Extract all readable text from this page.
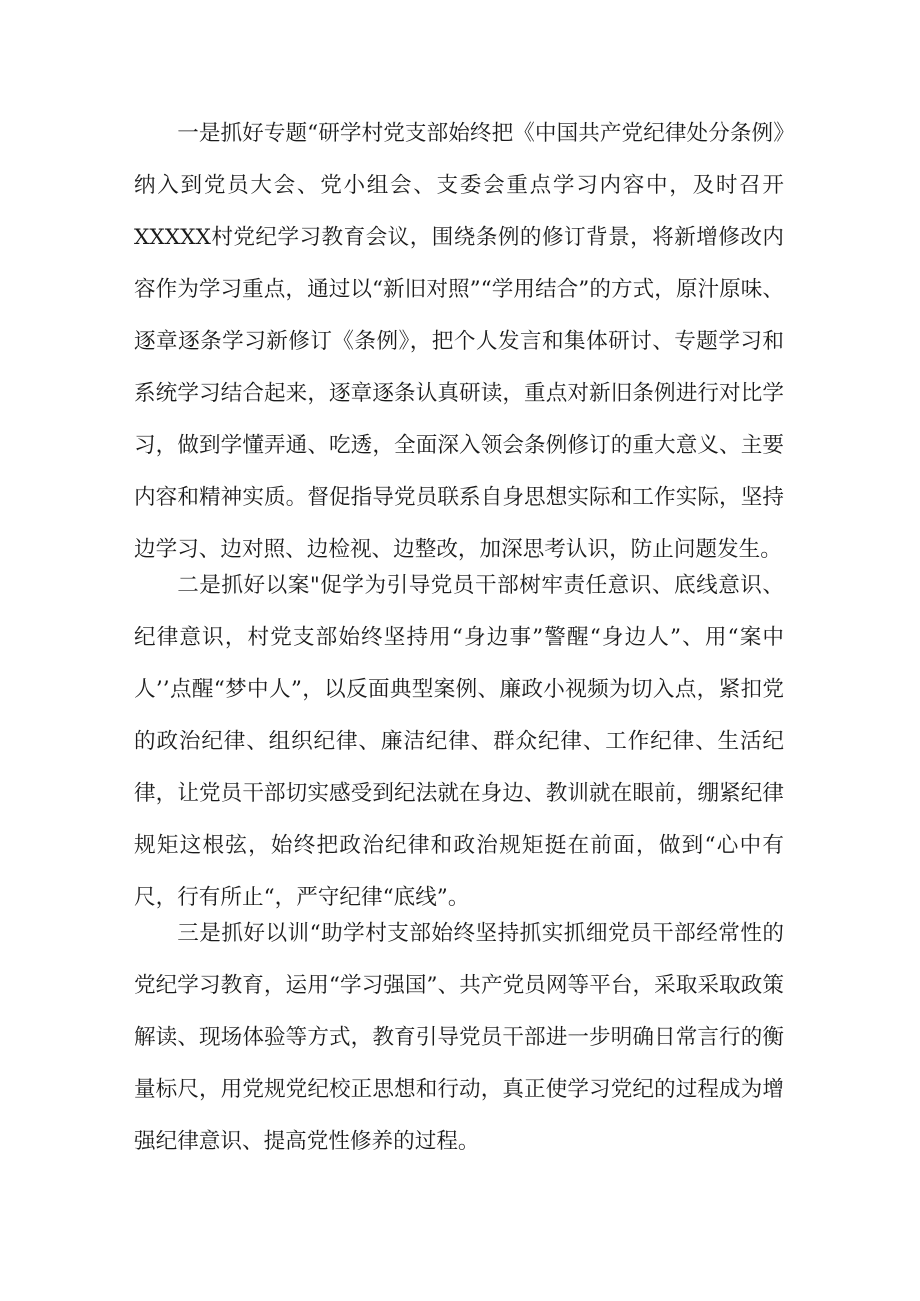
一是抓好专题“研学村党支部始终把《中国共产党纪律处分条例》纳入到党员大会、党小组会、支委会重点学习内容中，及时召开XXXXX村党纪学习教育会议，围绕条例的修订背景，将新增修改内容作为学习重点，通过以“新旧对照”“学用结合”的方式，原汁原味、逐章逐条学习新修订《条例》，把个人发言和集体研讨、专题学习和系统学习结合起来，逐章逐条认真研读，重点对新旧条例进行对比学习，做到学懂弄通、吃透，全面深入领会条例修订的重大意义、主要内容和精神实质。督促指导党员联系自身思想实际和工作实际，坚持边学习、边对照、边检视、边整改，加深思考认识，防止问题发生。

二是抓好以案"促学为引导党员干部树牢责任意识、底线意识、纪律意识，村党支部始终坚持用“身边事”警醒“身边人”、用“案中人’’点醒“梦中人”，以反面典型案例、廉政小视频为切入点，紧扣党的政治纪律、组织纪律、廉洁纪律、群众纪律、工作纪律、生活纪律，让党员干部切实感受到纪法就在身边、教训就在眼前，绷紧纪律规矩这根弦，始终把政治纪律和政治规矩挺在前面，做到“心中有尺，行有所止“，严守纪律“底线”。

三是抓好以训“助学村支部始终坚持抓实抓细党员干部经常性的党纪学习教育，运用“学习强国”、共产党员网等平台，采取采取政策解读、现场体验等方式，教育引导党员干部进一步明确日常言行的衡量标尺，用党规党纪校正思想和行动，真正使学习党纪的过程成为增强纪律意识、提高党性修养的过程。
